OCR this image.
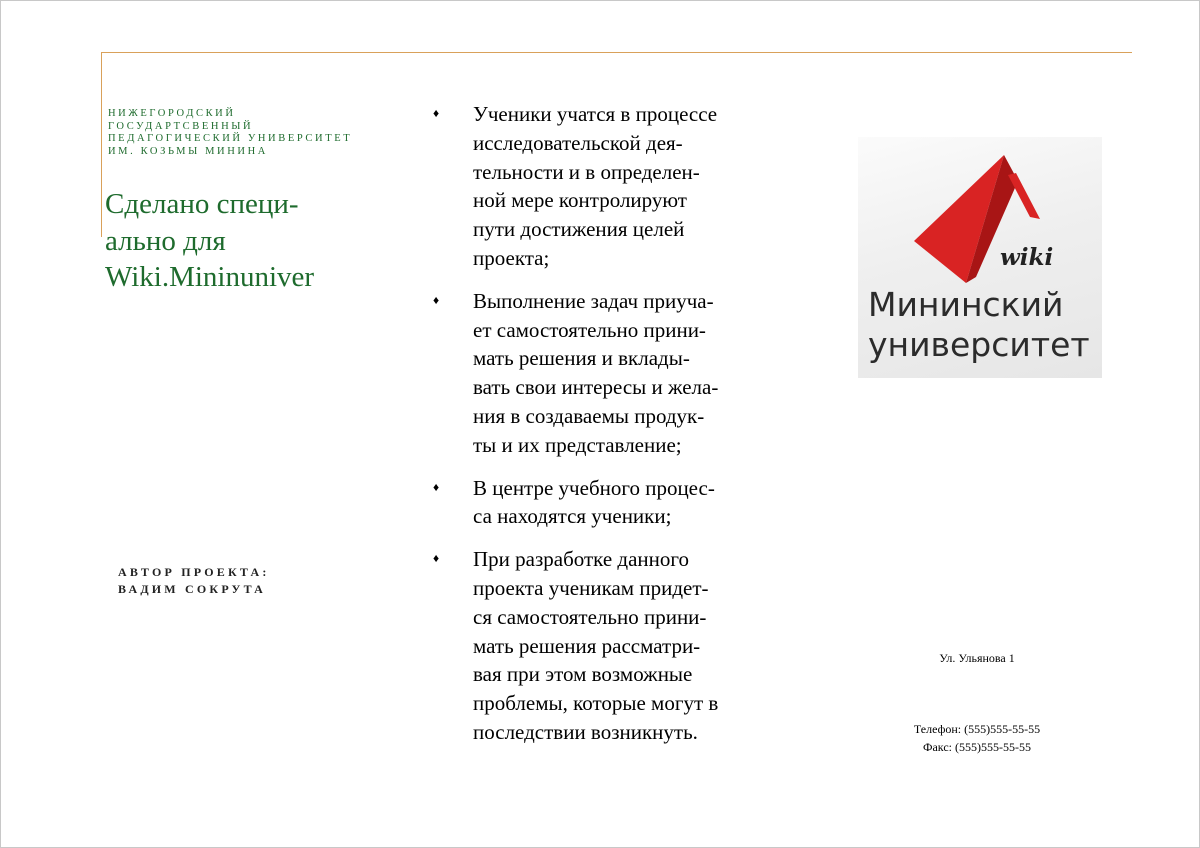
НИЖЕГОРОДСКИЙ
ГОСУДАРТСВЕННЫЙ
ПЕДАГОГИЧЕСКИЙ УНИВЕРСИТЕТ
ИМ. КОЗЬМЫ МИНИНА
Сделано специ-
ально для
Wiki.Mininuniver
АВТОР ПРОЕКТА:
ВАДИМ СОКРУТА
♦ Ученики учатся в процессе
исследовательской дея-
тельности и в определен-
ной мере контролируют
пути достижения целей
проекта;
♦ Выполнение задач приуча-
ет самостоятельно прини-
мать решения и вклады-
вать свои интересы и жела-
ния в создаваемы продук-
ты и их представление;
♦ В центре учебного процес-
са находятся ученики;
♦ При разработке данного
проекта ученикам придет-
ся самостоятельно прини-
мать решения рассматри-
вая при этом возможные
проблемы, которые могут в
последствии возникнуть.
wiki
Мининский
университет
Ул. Ульянова 1
Телефон: (555)555-55-55
Факс: (555)555-55-55
